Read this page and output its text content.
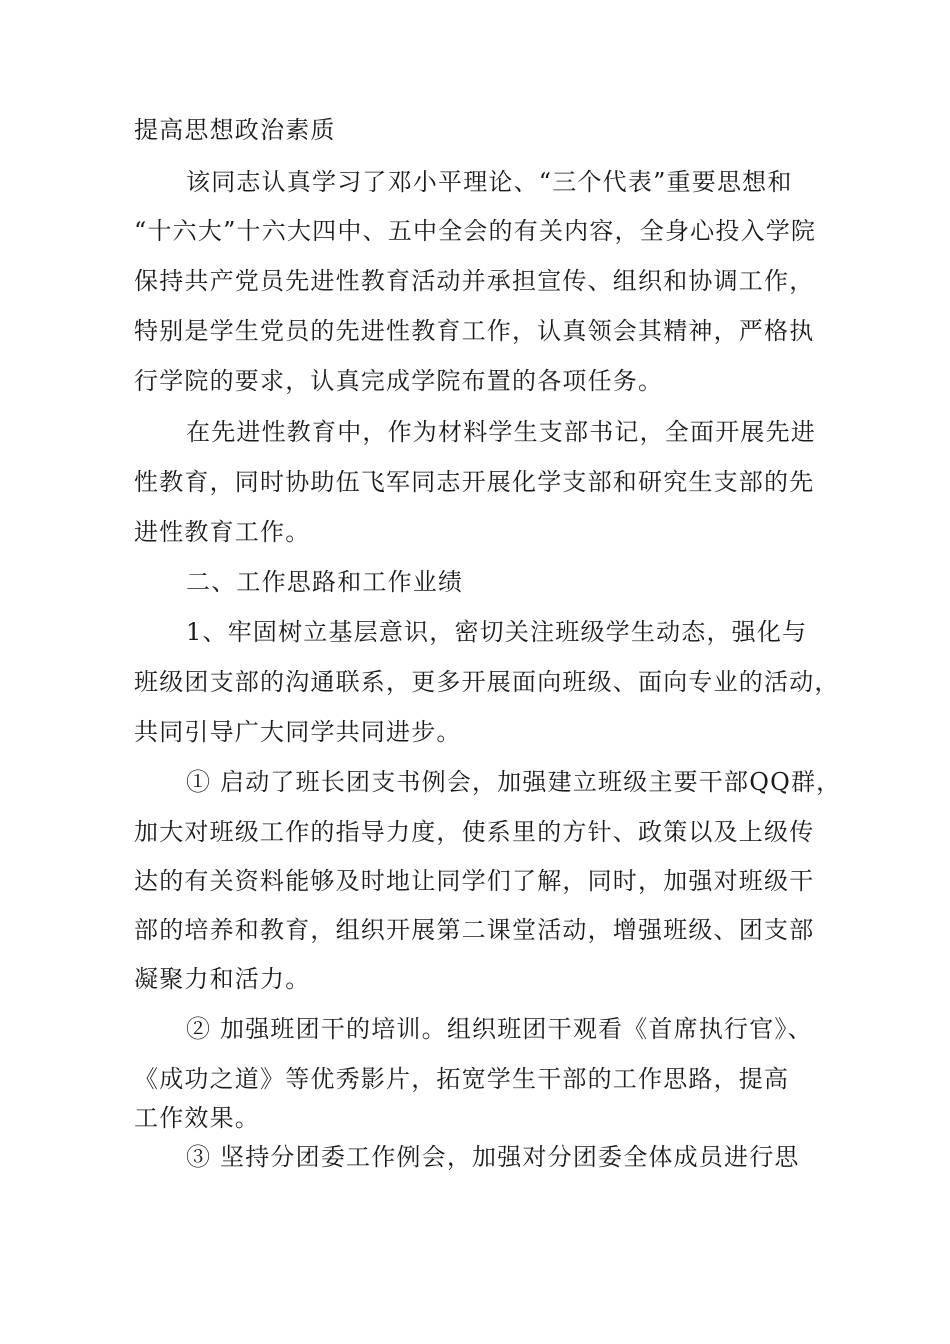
提高思想政治素质
该同志认真学习了邓小平理论、“三个代表”重要思想和
“十六大”十六大四中、五中全会的有关内容，全身心投入学院
保持共产党员先进性教育活动并承担宣传、组织和协调工作，
特别是学生党员的先进性教育工作，认真领会其精神，严格执
行学院的要求，认真完成学院布置的各项任务。
在先进性教育中，作为材料学生支部书记，全面开展先进
性教育，同时协助伍飞军同志开展化学支部和研究生支部的先
进性教育工作。
二、工作思路和工作业绩
1、牢固树立基层意识，密切关注班级学生动态，强化与
班级团支部的沟通联系，更多开展面向班级、面向专业的活动，
共同引导广大同学共同进步。
① 启动了班长团支书例会，加强建立班级主要干部QQ群，
加大对班级工作的指导力度，使系里的方针、政策以及上级传
达的有关资料能够及时地让同学们了解，同时，加强对班级干
部的培养和教育，组织开展第二课堂活动，增强班级、团支部
凝聚力和活力。
② 加强班团干的培训。组织班团干观看《首席执行官》、
《成功之道》等优秀影片，拓宽学生干部的工作思路，提高
工作效果。
③ 坚持分团委工作例会，加强对分团委全体成员进行思
